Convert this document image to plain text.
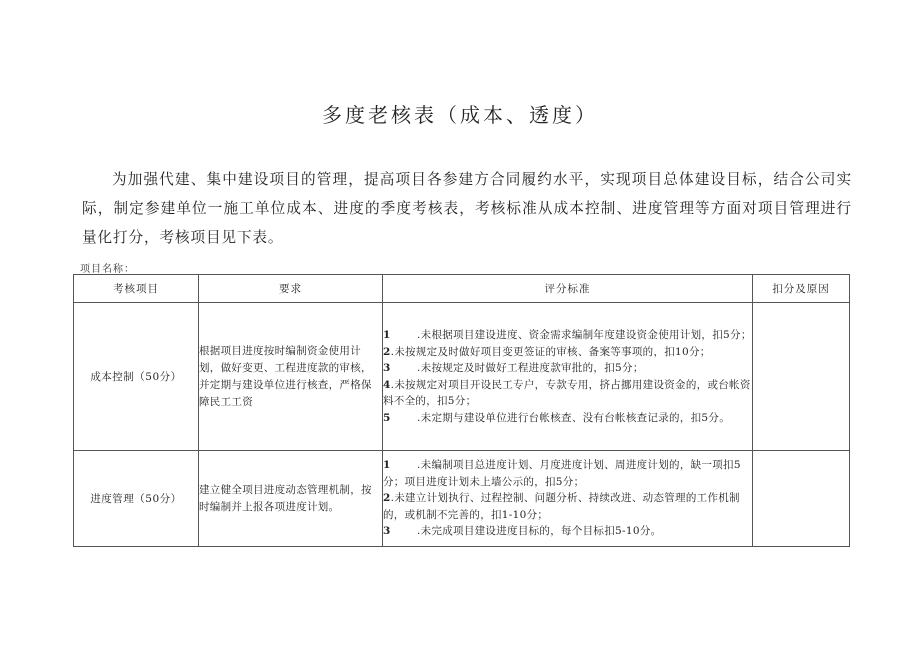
多度老核表（成本、透度）

为加强代建、集中建设项目的管理，提高项目各参建方合同履约水平，实现项目总体建设目标，结合公司实际，制定参建单位一施工单位成本、进度的季度考核表，考核标准从成本控制、进度管理等方面对项目管理进行量化打分，考核项目见下表。

项目名称：
考核项目	要求	评分标准	扣分及原因
成本控制（50分）	根据项目进度按时编制资金使用计划，做好变更、工程进度款的审核，并定期与建设单位进行核查，严格保障民工工资	1 .未根据项目建设进度、资金需求编制年度建设资金使用计划，扣5分；
2.未按规定及时做好项目变更签证的审核、备案等事项的，扣10分；
3 .未按规定及时做好工程进度款审批的，扣5分；
4.未按规定对项目开设民工专户，专款专用，挤占挪用建设资金的，或台帐资料不全的，扣5分；
5 .未定期与建设单位进行台帐核查、没有台帐核查记录的，扣5分。	

进度管理（50分）	建立健全项目进度动态管理机制，按时编制并上报各项进度计划。	1 .未编制项目总进度计划、月度进度计划、周进度计划的，缺一项扣5分；项目进度计划未上墙公示的，扣5分；
2.未建立计划执行、过程控制、问题分析、持续改进、动态管理的工作机制的，或机制不完善的，扣1-10分；
3 .未完成项目建设进度目标的，每个目标扣5-10分。	
